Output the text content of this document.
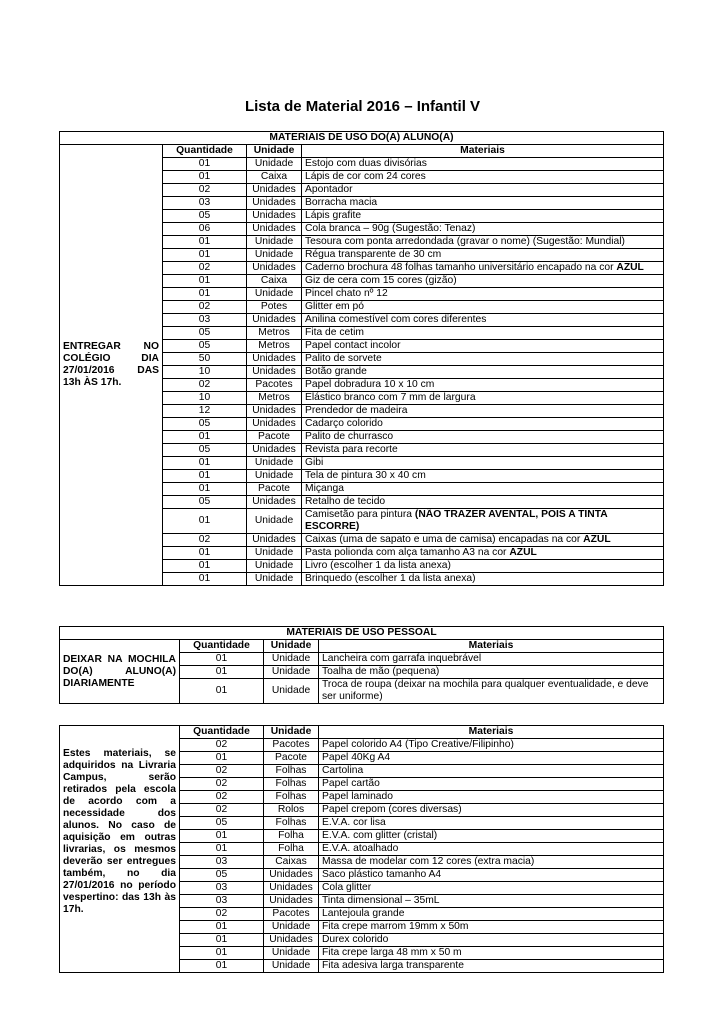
Lista de Material 2016 – Infantil V
MATERIAIS DE USO DO(A) ALUNO(A)			
ENTREGAR NO COLÉGIO DIA 27/01/2016 DAS 13h ÀS 17h.	Quantidade	Unidade	Materiais
	01	Unidade	Estojo com duas divisórias
	01	Caixa	Lápis de cor com 24 cores
	02	Unidades	Apontador
	03	Unidades	Borracha macia
	05	Unidades	Lápis grafite
	06	Unidades	Cola branca – 90g (Sugestão: Tenaz)
	01	Unidade	Tesoura com ponta arredondada (gravar o nome) (Sugestão: Mundial)
	01	Unidade	Régua transparente de 30 cm
	02	Unidades	Caderno brochura 48 folhas tamanho universitário encapado na cor AZUL
	01	Caixa	Giz de cera com 15 cores (gizão)
	01	Unidade	Pincel chato nº 12
	02	Potes	Glitter em pó
	03	Unidades	Anilina comestível com cores diferentes
	05	Metros	Fita de cetim
	05	Metros	Papel contact incolor
	50	Unidades	Palito de sorvete
	10	Unidades	Botão grande
	02	Pacotes	Papel dobradura 10 x 10 cm
	10	Metros	Elástico branco com 7 mm de largura
	12	Unidades	Prendedor de madeira
	05	Unidades	Cadarço colorido
	01	Pacote	Palito de churrasco
	05	Unidades	Revista para recorte
	01	Unidade	Gibi
	01	Unidade	Tela de pintura 30 x 40 cm
	01	Pacote	Miçanga
	05	Unidades	Retalho de tecido
	01	Unidade	Camisetão para pintura (NÃO TRAZER AVENTAL, POIS A TINTA ESCORRE)
	02	Unidades	Caixas (uma de sapato e uma de camisa) encapadas na cor AZUL
	01	Unidade	Pasta polionda com alça tamanho A3 na cor AZUL
	01	Unidade	Livro (escolher 1 da lista anexa)
	01	Unidade	Brinquedo (escolher 1 da lista anexa)
MATERIAIS DE USO PESSOAL			
DEIXAR NA MOCHILA DO(A) ALUNO(A) DIARIAMENTE	Quantidade	Unidade	Materiais
	01	Unidade	Lancheira com garrafa inquebrável
	01	Unidade	Toalha de mão (pequena)
	01	Unidade	Troca de roupa (deixar na mochila para qualquer eventualidade, e deve ser uniforme)
Estes materiais, se adquiridos na Livraria Campus, serão retirados pela escola de acordo com a necessidade dos alunos. No caso de aquisição em outras livrarias, os mesmos deverão ser entregues também, no dia 27/01/2016 no período vespertino: das 13h às 17h.	Quantidade	Unidade	Materiais
	02	Pacotes	Papel colorido A4 (Tipo Creative/Filipinho)
	01	Pacote	Papel 40Kg A4
	02	Folhas	Cartolina
	02	Folhas	Papel cartão
	02	Folhas	Papel laminado
	02	Rolos	Papel crepom (cores diversas)
	05	Folhas	E.V.A. cor lisa
	01	Folha	E.V.A. com glitter (cristal)
	01	Folha	E.V.A. atoalhado
	03	Caixas	Massa de modelar com 12 cores (extra macia)
	05	Unidades	Saco plástico tamanho A4
	03	Unidades	Cola glitter
	03	Unidades	Tinta dimensional – 35mL
	02	Pacotes	Lantejoula grande
	01	Unidade	Fita crepe marrom 19mm x 50m
	01	Unidades	Durex colorido
	01	Unidade	Fita crepe larga 48 mm x 50 m
	01	Unidade	Fita adesiva larga transparente
